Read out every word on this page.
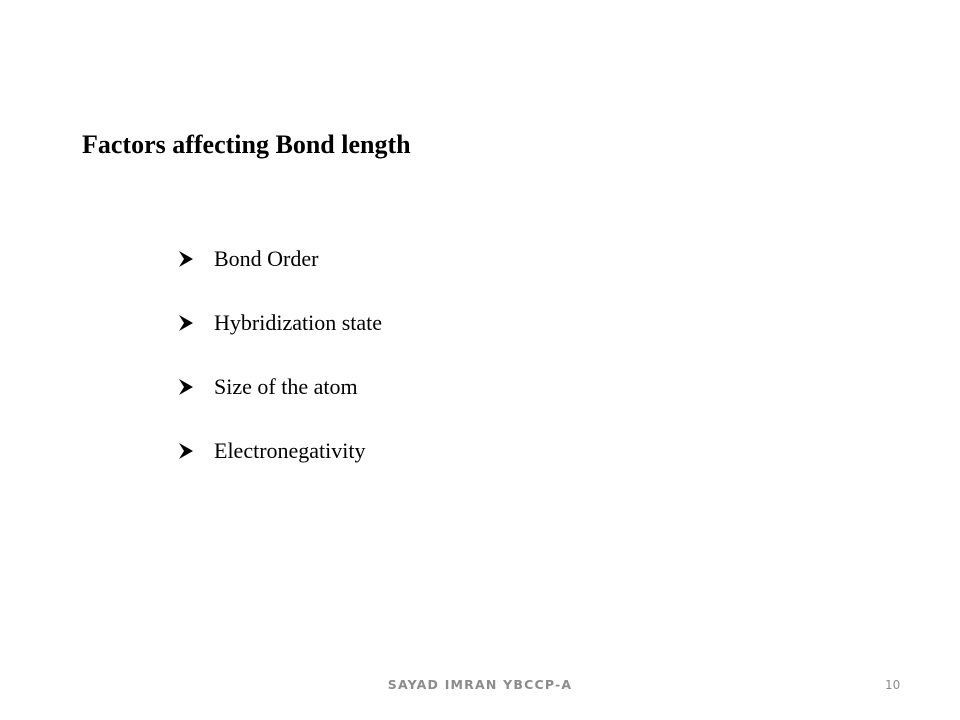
Factors affecting Bond length
Bond Order
Hybridization state
Size of the atom
Electronegativity
SAYAD IMRAN YBCCP-A	10
